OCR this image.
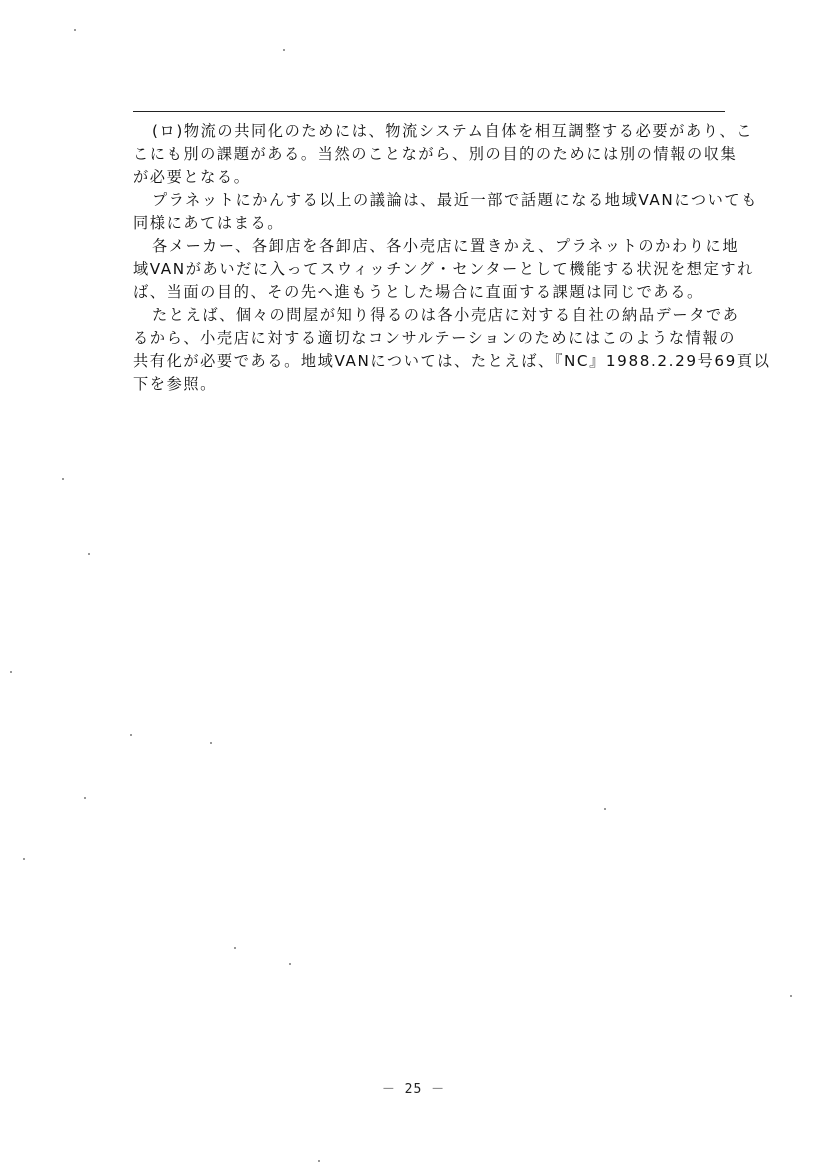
(ロ)物流の共同化のためには、物流システム自体を相互調整する必要があり、こ
こにも別の課題がある。当然のことながら、別の目的のためには別の情報の収集
が必要となる。
プラネットにかんする以上の議論は、最近一部で話題になる地域VANについても
同様にあてはまる。
各メーカー、各卸店を各卸店、各小売店に置きかえ、プラネットのかわりに地
域VANがあいだに入ってスウィッチング・センターとして機能する状況を想定すれ
ば、当面の目的、その先へ進もうとした場合に直面する課題は同じである。
たとえば、個々の問屋が知り得るのは各小売店に対する自社の納品データであ
るから、小売店に対する適切なコンサルテーションのためにはこのような情報の
共有化が必要である。地域VANについては、たとえば、『NC』1988.2.29号69頁以
下を参照。
－ 25 －
